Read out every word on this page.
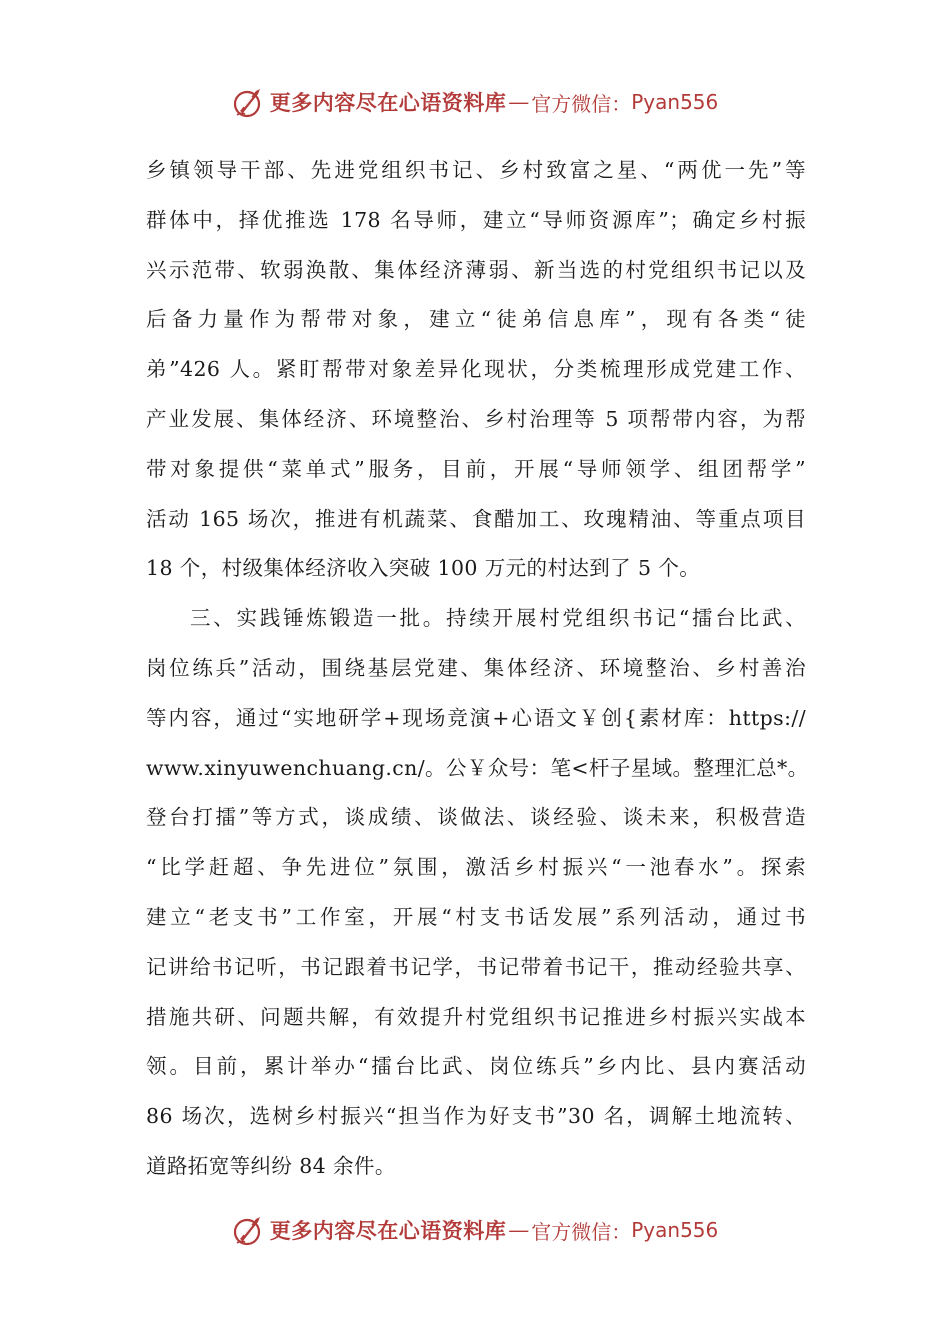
更多内容尽在心语资料库 — 官方微信： Pyan556
乡镇领导干部、先进党组织书记、乡村致富之星、“两优一先”等
群体中，择优推选 178 名导师，建立“导师资源库”；确定乡村振
兴示范带、软弱涣散、集体经济薄弱、新当选的村党组织书记以及
后备力量作为帮带对象，建立“徒弟信息库”，现有各类“徒
弟”426 人。紧盯帮带对象差异化现状，分类梳理形成党建工作、
产业发展、集体经济、环境整治、乡村治理等 5 项帮带内容，为帮
带对象提供“菜单式”服务，目前，开展“导师领学、组团帮学”
活动 165 场次，推进有机蔬菜、食醋加工、玫瑰精油、等重点项目
18 个，村级集体经济收入突破 100 万元的村达到了 5 个。
三、实践锤炼锻造一批。持续开展村党组织书记“擂台比武、
岗位练兵”活动，围绕基层党建、集体经济、环境整治、乡村善治
等内容，通过“实地研学+现场竞演+心语文￥创{素材库：https://
www.xinyuwenchuang.cn/。公￥众号：笔<杆子星域。整理汇总*。
登台打擂”等方式，谈成绩、谈做法、谈经验、谈未来，积极营造
“比学赶超、争先进位”氛围，激活乡村振兴“一池春水”。探索
建立“老支书”工作室，开展“村支书话发展”系列活动，通过书
记讲给书记听，书记跟着书记学，书记带着书记干，推动经验共享、
措施共研、问题共解，有效提升村党组织书记推进乡村振兴实战本
领。目前，累计举办“擂台比武、岗位练兵”乡内比、县内赛活动
86 场次，选树乡村振兴“担当作为好支书”30 名，调解土地流转、
道路拓宽等纠纷 84 余件。
更多内容尽在心语资料库 — 官方微信： Pyan556
